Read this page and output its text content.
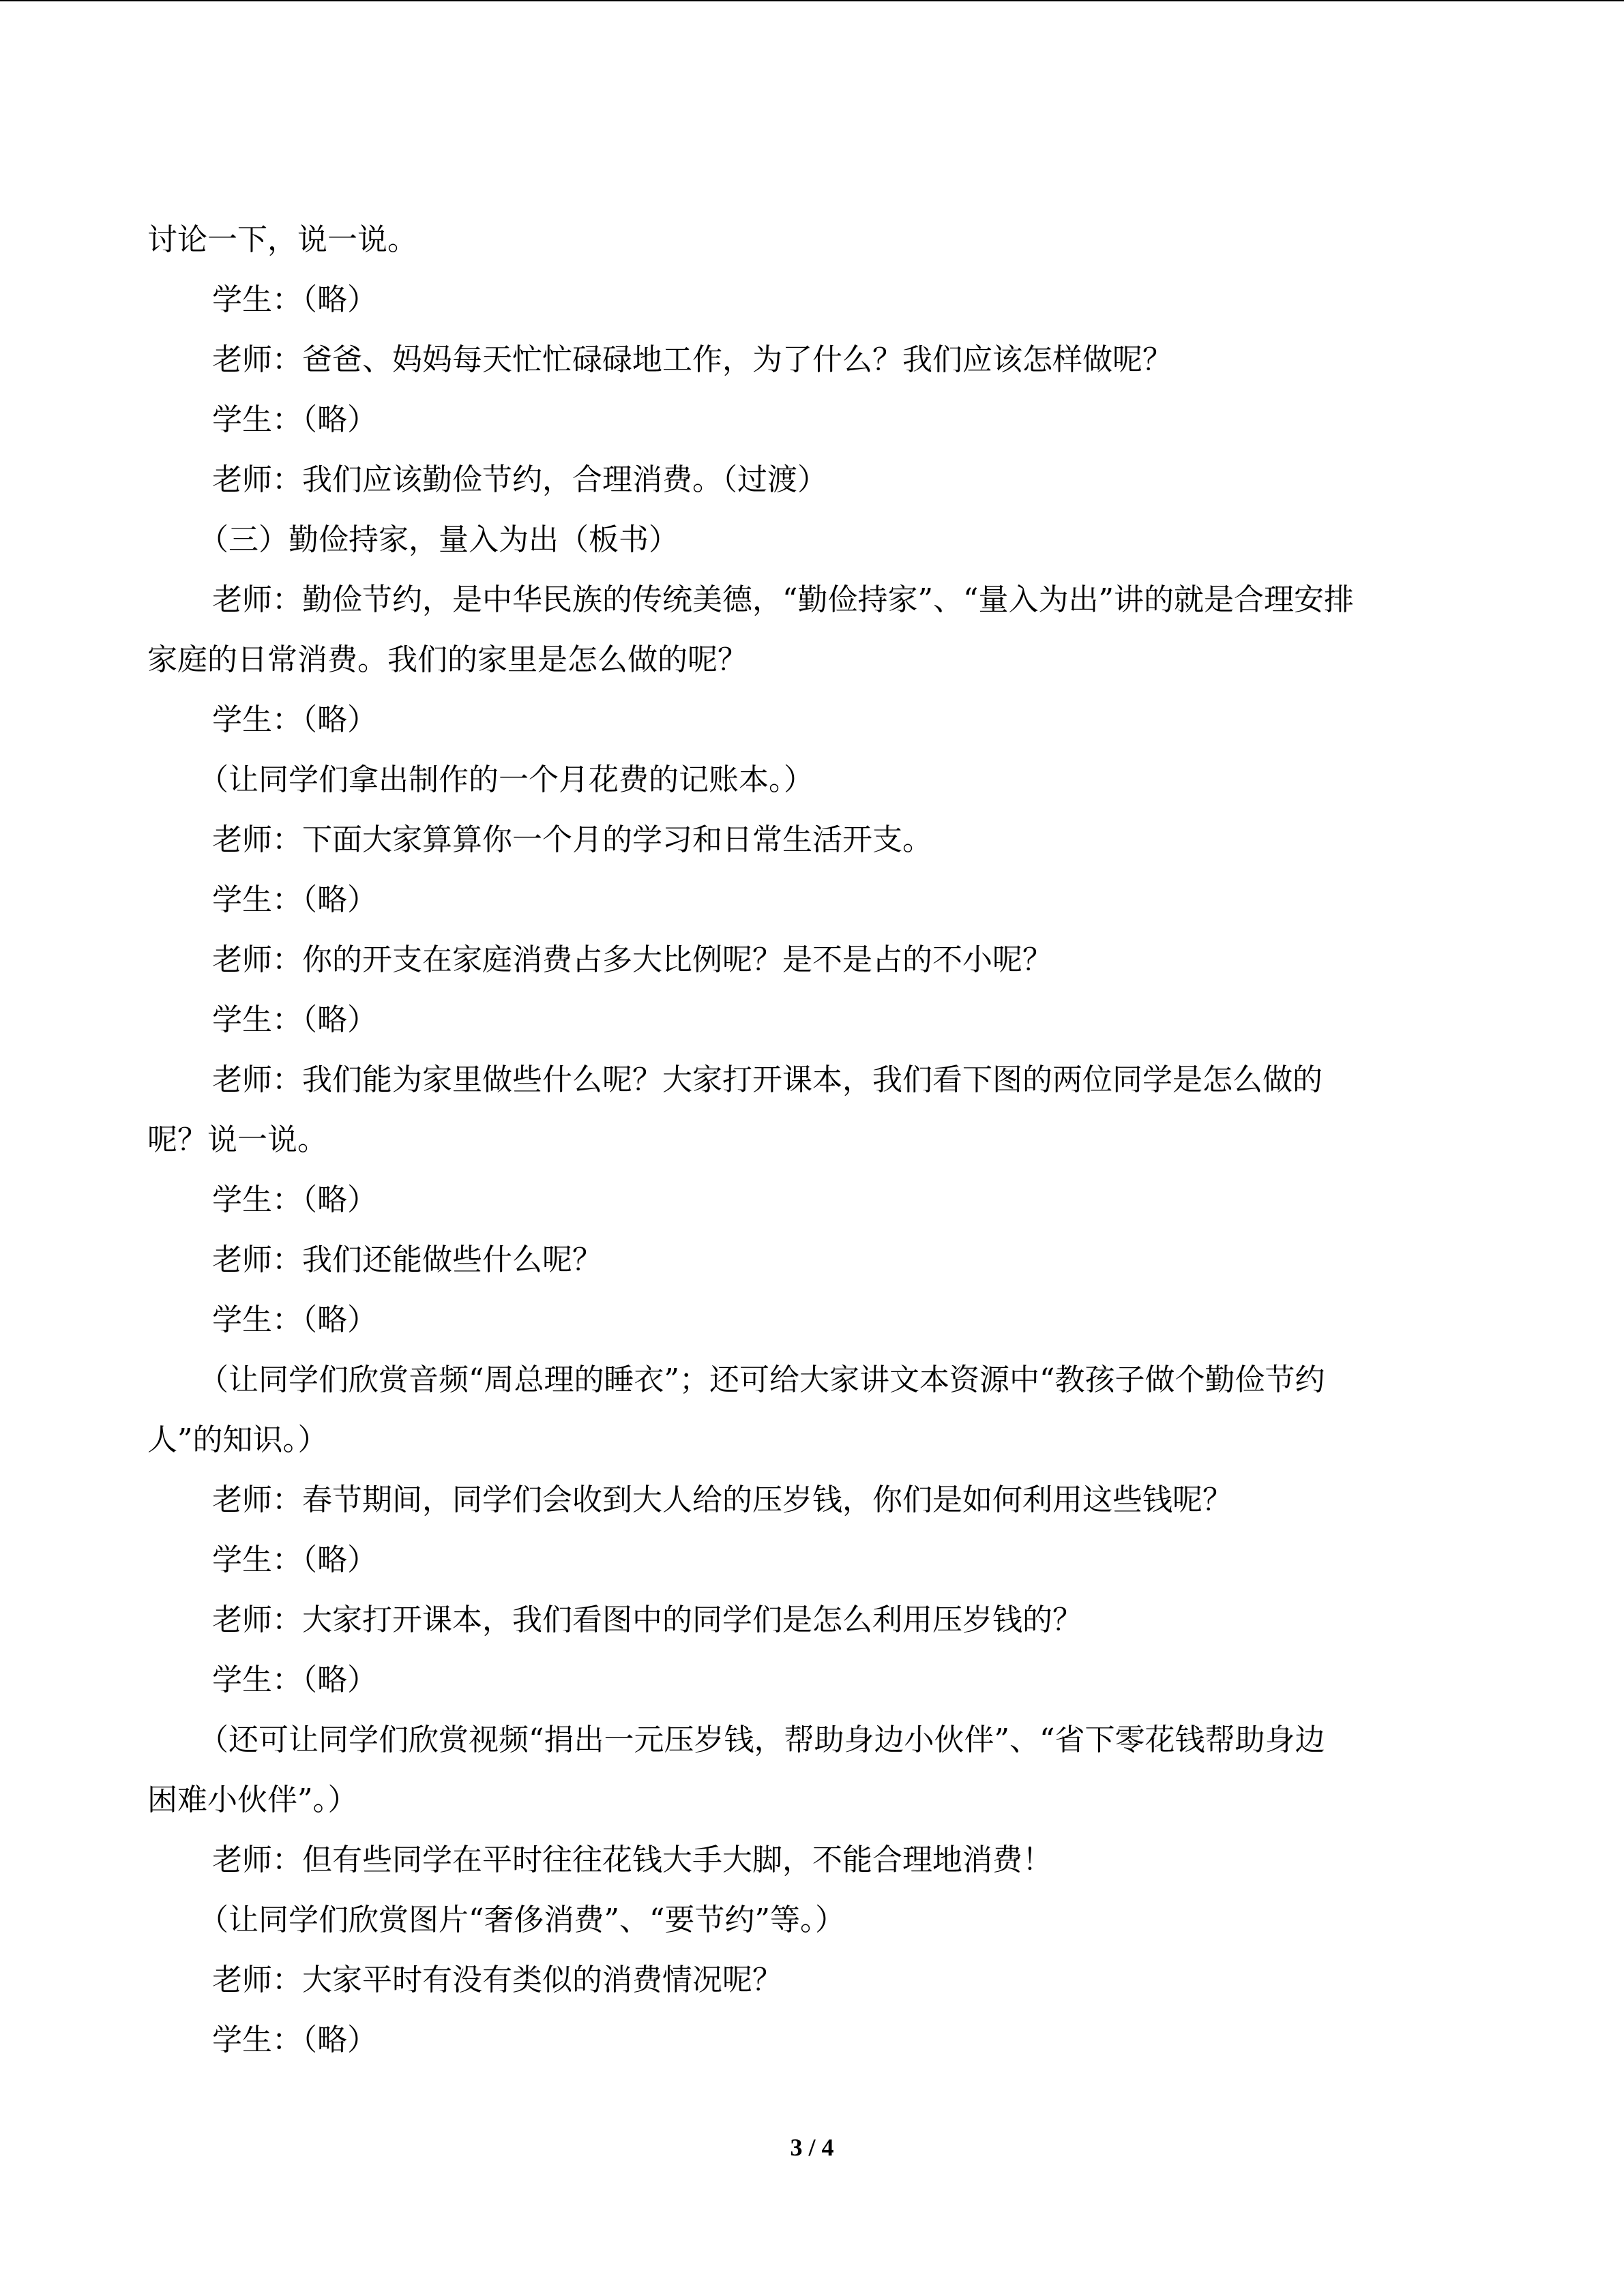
讨论一下，说一说。
学生：（略）
老师：爸爸、妈妈每天忙忙碌碌地工作，为了什么？我们应该怎样做呢？
学生：（略）
老师：我们应该勤俭节约，合理消费。（过渡）
（三）勤俭持家，量入为出（板书）
老师：勤俭节约，是中华民族的传统美德，“勤俭持家”、“量入为出”讲的就是合理安排
家庭的日常消费。我们的家里是怎么做的呢？
学生：（略）
（让同学们拿出制作的一个月花费的记账本。）
老师：下面大家算算你一个月的学习和日常生活开支。
学生：（略）
老师：你的开支在家庭消费占多大比例呢？是不是占的不小呢？
学生：（略）
老师：我们能为家里做些什么呢？大家打开课本，我们看下图的两位同学是怎么做的
呢？说一说。
学生：（略）
老师：我们还能做些什么呢？
学生：（略）
（让同学们欣赏音频“周总理的睡衣”；还可给大家讲文本资源中“教孩子做个勤俭节约
人”的知识。）
老师：春节期间，同学们会收到大人给的压岁钱，你们是如何利用这些钱呢？
学生：（略）
老师：大家打开课本，我们看图中的同学们是怎么利用压岁钱的？
学生：（略）
（还可让同学们欣赏视频“捐出一元压岁钱，帮助身边小伙伴”、“省下零花钱帮助身边
困难小伙伴”。）
老师：但有些同学在平时往往花钱大手大脚，不能合理地消费！
（让同学们欣赏图片“奢侈消费”、“要节约”等。）
老师：大家平时有没有类似的消费情况呢？
学生：（略）
3 / 4
